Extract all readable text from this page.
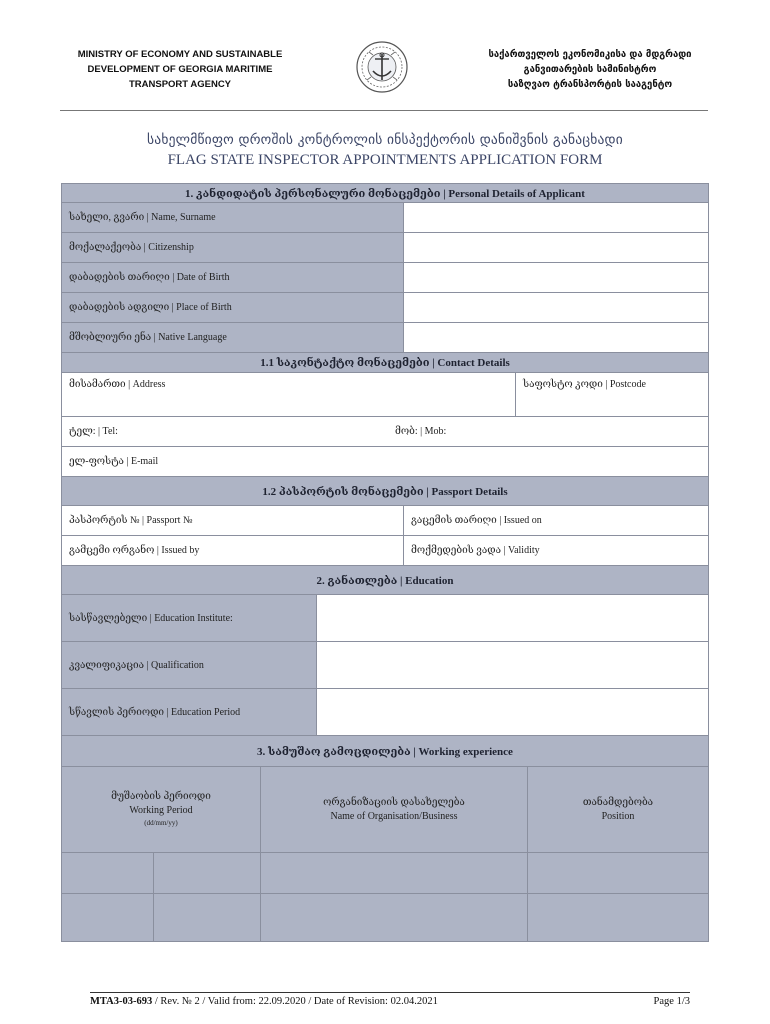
MINISTRY OF ECONOMY AND SUSTAINABLE
DEVELOPMENT OF GEORGIA MARITIME
TRANSPORT AGENCY
საქართველოს ეკონომიკისა და მდგრადი
განვითარების სამინისტრო
საზღვაო ტრანსპორტის სააგენტო
სახელმწიფო დროშის კონტროლის ინსპექტორის დანიშვნის განაცხადი
FLAG STATE INSPECTOR APPOINTMENTS APPLICATION FORM
1. კანდიდატის პერსონალური მონაცემები | Personal Details of Applicant
სახელი, გვარი | Name, Surname
მოქალაქეობა | Citizenship
დაბადების თარიღი | Date of Birth
დაბადების ადგილი | Place of Birth
მშობლიური ენა | Native Language
1.1 საკონტაქტო მონაცემები | Contact Details
მისამართი | Address	საფოსტო კოდი | Postcode
ტელ: | Tel:	მობ: | Mob:
ელ-ფოსტა | E-mail
1.2 პასპორტის მონაცემები | Passport Details
პასპორტის № | Passport №	გაცემის თარიღი | Issued on
გამცემი ორგანო | Issued by	მოქმედების ვადა | Validity
2. განათლება | Education
სასწავლებელი | Education Institute:
კვალიფიკაცია | Qualification
სწავლის პერიოდი | Education Period
3. სამუშაო გამოცდილება | Working experience
მუშაობის პერიოდი
Working Period
(dd/mm/yy)
ორგანიზაციის დასახელება
Name of Organisation/Business
თანამდებობა
Position
MTA3-03-693 / Rev. № 2 / Valid from: 22.09.2020 / Date of Revision: 02.04.2021	Page 1/3
